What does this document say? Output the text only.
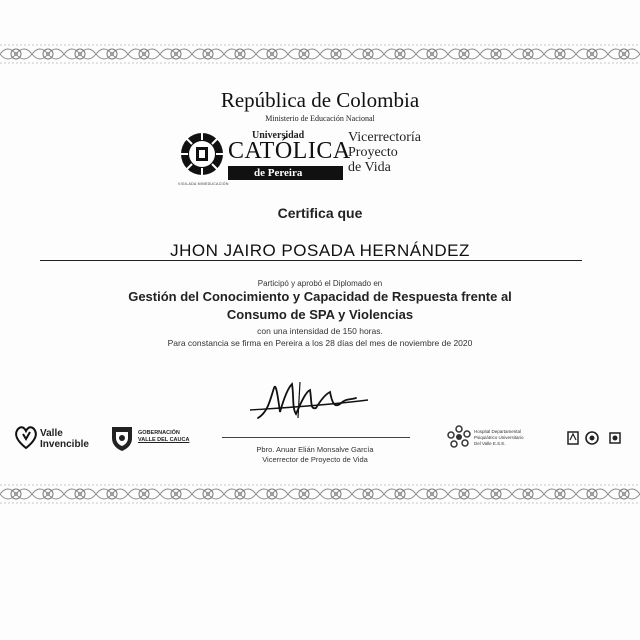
República de Colombia
Ministerio de Educación Nacional
Universidad
CATÓLICA
de Pereira
VIGILADA MINEDUCACIÓN
Vicerrectoría
Proyecto
de Vida
Certifica que
JHON JAIRO POSADA HERNÁNDEZ
Participó y aprobó el Diplomado en
Gestión del Conocimiento y Capacidad de Respuesta frente al
Consumo de SPA y Violencias
con una intensidad de 150 horas.
Para constancia se firma en Pereira a los 28 días del mes de noviembre de 2020
Pbro. Anuar Elián Monsalve García
Vicerrector de Proyecto de Vida
Valle
Invencible
GOBERNACIÓN
VALLE DEL CAUCA
Hospital Departamental
Psiquiátrico Universitario
Del Valle E.S.E.
